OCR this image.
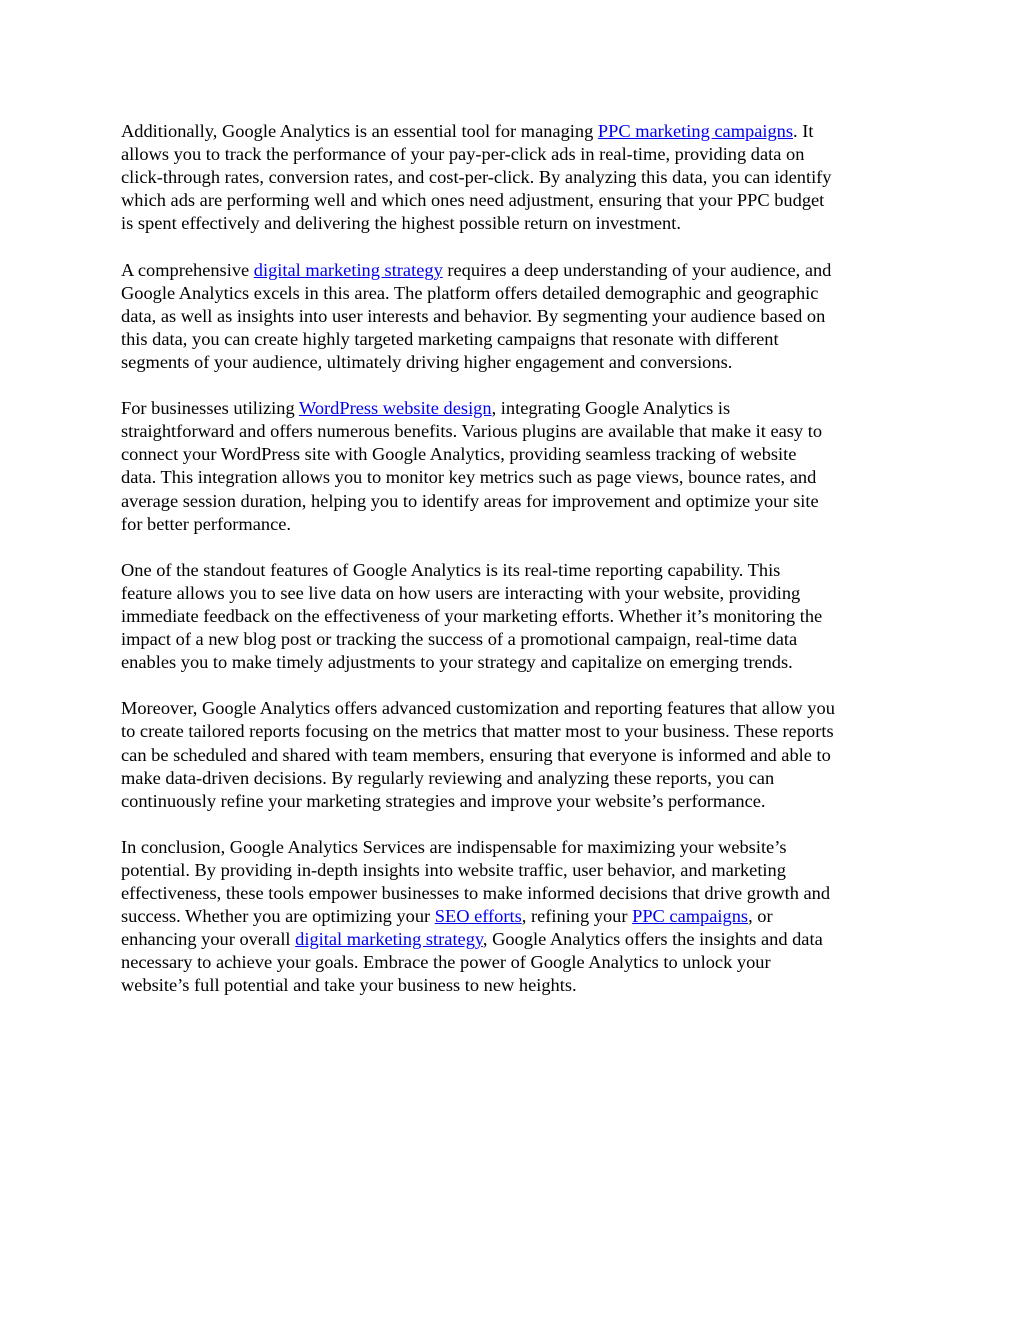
Additionally, Google Analytics is an essential tool for managing PPC marketing campaigns. It
allows you to track the performance of your pay-per-click ads in real-time, providing data on
click-through rates, conversion rates, and cost-per-click. By analyzing this data, you can identify
which ads are performing well and which ones need adjustment, ensuring that your PPC budget
is spent effectively and delivering the highest possible return on investment.

A comprehensive digital marketing strategy requires a deep understanding of your audience, and
Google Analytics excels in this area. The platform offers detailed demographic and geographic
data, as well as insights into user interests and behavior. By segmenting your audience based on
this data, you can create highly targeted marketing campaigns that resonate with different
segments of your audience, ultimately driving higher engagement and conversions.

For businesses utilizing WordPress website design, integrating Google Analytics is
straightforward and offers numerous benefits. Various plugins are available that make it easy to
connect your WordPress site with Google Analytics, providing seamless tracking of website
data. This integration allows you to monitor key metrics such as page views, bounce rates, and
average session duration, helping you to identify areas for improvement and optimize your site
for better performance.

One of the standout features of Google Analytics is its real-time reporting capability. This
feature allows you to see live data on how users are interacting with your website, providing
immediate feedback on the effectiveness of your marketing efforts. Whether it’s monitoring the
impact of a new blog post or tracking the success of a promotional campaign, real-time data
enables you to make timely adjustments to your strategy and capitalize on emerging trends.

Moreover, Google Analytics offers advanced customization and reporting features that allow you
to create tailored reports focusing on the metrics that matter most to your business. These reports
can be scheduled and shared with team members, ensuring that everyone is informed and able to
make data-driven decisions. By regularly reviewing and analyzing these reports, you can
continuously refine your marketing strategies and improve your website’s performance.

In conclusion, Google Analytics Services are indispensable for maximizing your website’s
potential. By providing in-depth insights into website traffic, user behavior, and marketing
effectiveness, these tools empower businesses to make informed decisions that drive growth and
success. Whether you are optimizing your SEO efforts, refining your PPC campaigns, or
enhancing your overall digital marketing strategy, Google Analytics offers the insights and data
necessary to achieve your goals. Embrace the power of Google Analytics to unlock your
website’s full potential and take your business to new heights.
